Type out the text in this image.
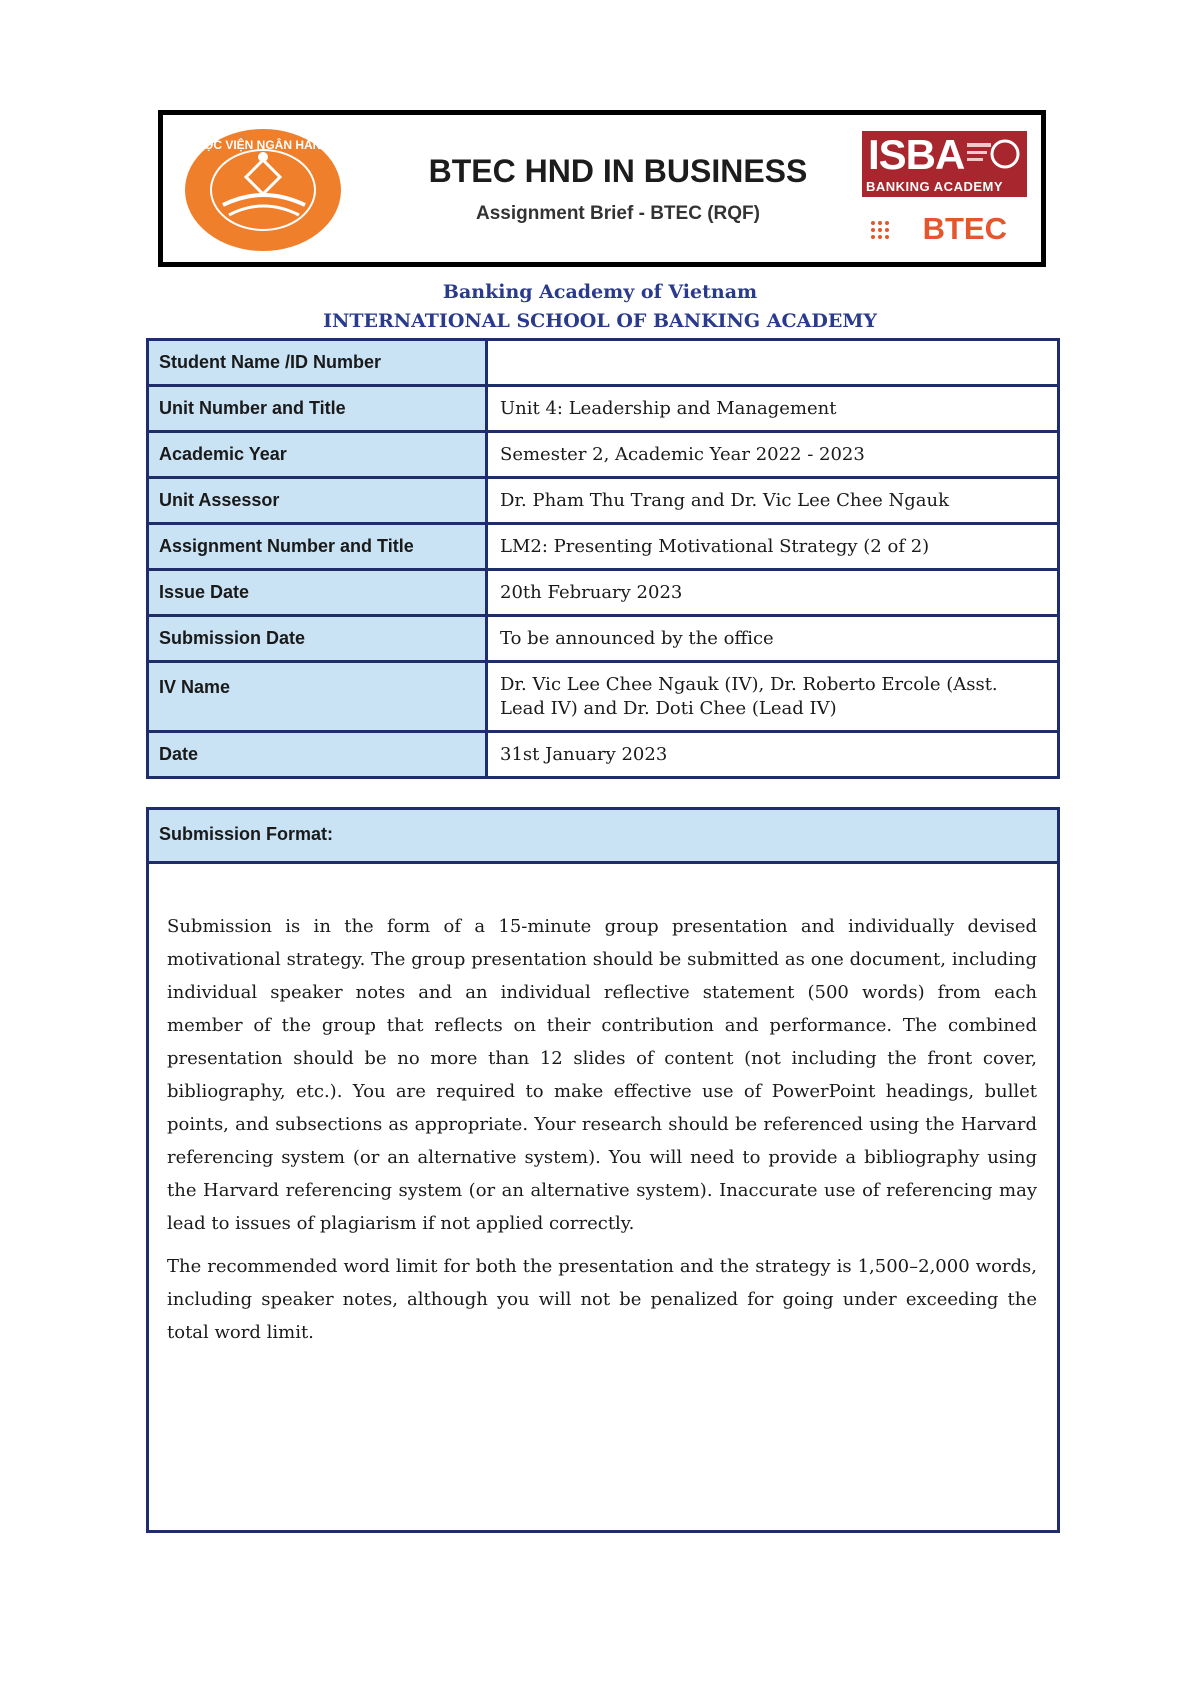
HỌC VIỆN NGÂN HÀNG
BTEC HND IN BUSINESS
Assignment Brief - BTEC (RQF)
ISBA
BANKING ACADEMY
BTEC
Banking Academy of Vietnam
INTERNATIONAL SCHOOL OF BANKING ACADEMY
Student Name /ID Number	
Unit Number and Title	Unit 4: Leadership and Management
Academic Year	Semester 2, Academic Year 2022 - 2023
Unit Assessor	Dr. Pham Thu Trang and Dr. Vic Lee Chee Ngauk
Assignment Number and Title	LM2: Presenting Motivational Strategy (2 of 2)
Issue Date	20th February 2023
Submission Date	To be announced by the office
IV Name	Dr. Vic Lee Chee Ngauk (IV), Dr. Roberto Ercole (Asst. Lead IV) and Dr. Doti Chee (Lead IV)
Date	31st January 2023
Submission Format:

Submission is in the form of a 15-minute group presentation and individually devised motivational strategy. The group presentation should be submitted as one document, including individual speaker notes and an individual reflective statement (500 words) from each member of the group that reflects on their contribution and performance. The combined presentation should be no more than 12 slides of content (not including the front cover, bibliography, etc.). You are required to make effective use of PowerPoint headings, bullet points, and subsections as appropriate. Your research should be referenced using the Harvard referencing system (or an alternative system). You will need to provide a bibliography using the Harvard referencing system (or an alternative system). Inaccurate use of referencing may lead to issues of plagiarism if not applied correctly.

The recommended word limit for both the presentation and the strategy is 1,500–2,000 words, including speaker notes, although you will not be penalized for going under exceeding the total word limit.
